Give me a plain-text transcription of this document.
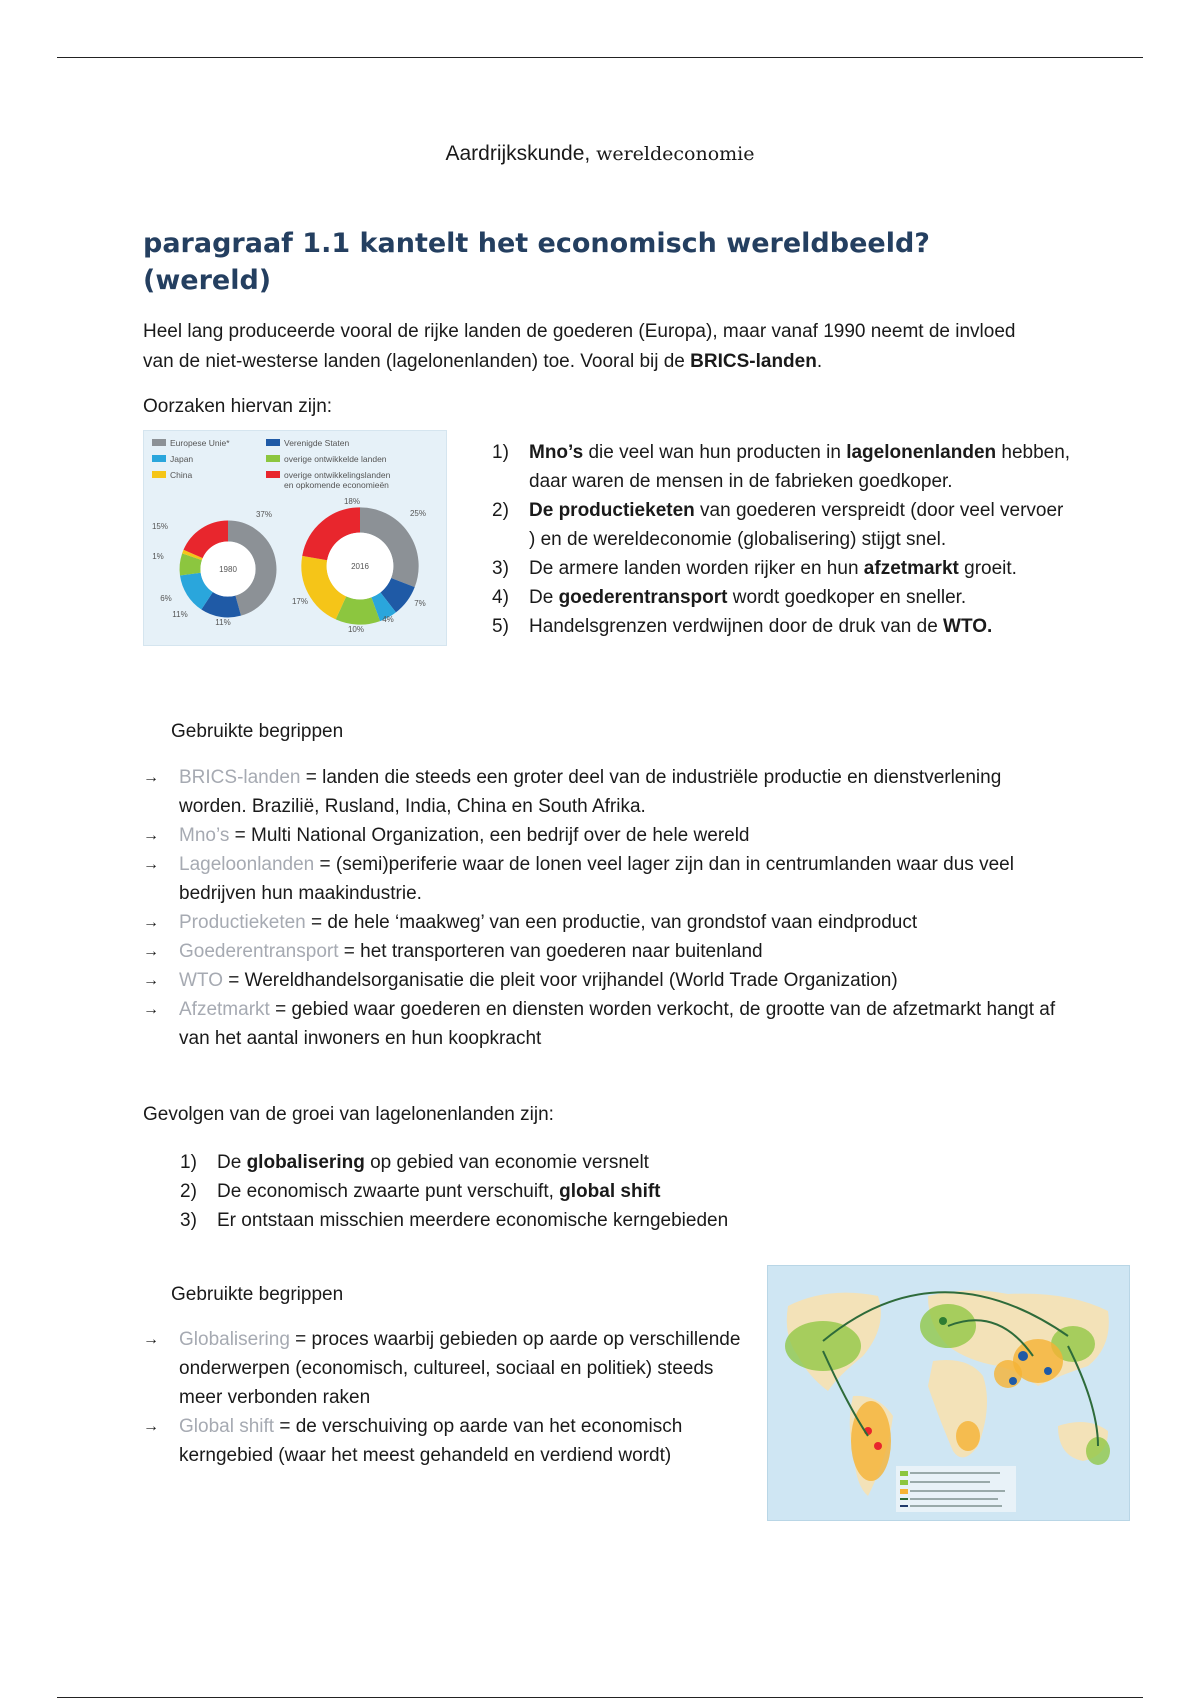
Aardrijkskunde, wereldeconomie
paragraaf 1.1 kantelt het economisch wereldbeeld? (wereld)
Heel lang produceerde vooral de rijke landen de goederen (Europa), maar vanaf 1990 neemt de invloed van de niet-westerse landen (lagelonenlanden) toe. Vooral bij de BRICS-landen.
Oorzaken hiervan zijn:
Europese Unie*	Verenigde Staten
Japan	overige ontwikkelde landen
China	overige ontwikkelingslanden en opkomende economieën
1980
37%
11%
11%
6%
1%
15%
2016
25%
7%
4%
10%
17%
18%
1) Mno’s die veel wan hun producten in lagelonenlanden hebben, daar waren de mensen in de fabrieken goedkoper.
2) De productieketen van goederen verspreidt (door veel vervoer ) en de wereldeconomie (globalisering) stijgt snel.
3) De armere landen worden rijker en hun afzetmarkt groeit.
4) De goederentransport wordt goedkoper en sneller.
5) Handelsgrenzen verdwijnen door de druk van de WTO.
Gebruikte begrippen
→ BRICS-landen = landen die steeds een groter deel van de industriële productie en dienstverlening worden. Brazilië, Rusland, India, China en South Afrika.
→ Mno’s = Multi National Organization, een bedrijf over de hele wereld
→ Lageloonlanden = (semi)periferie waar de lonen veel lager zijn dan in centrumlanden waar dus veel bedrijven hun maakindustrie.
→ Productieketen = de hele ‘maakweg’ van een productie, van grondstof vaan eindproduct
→ Goederentransport = het transporteren van goederen naar buitenland
→ WTO = Wereldhandelsorganisatie die pleit voor vrijhandel (World Trade Organization)
→ Afzetmarkt = gebied waar goederen en diensten worden verkocht, de grootte van de afzetmarkt hangt af van het aantal inwoners en hun koopkracht
Gevolgen van de groei van lagelonenlanden zijn:
1) De globalisering op gebied van economie versnelt
2) De economisch zwaarte punt verschuift, global shift
3) Er ontstaan misschien meerdere economische kerngebieden
Gebruikte begrippen
→ Globalisering = proces waarbij gebieden op aarde op verschillende onderwerpen (economisch, cultureel, sociaal en politiek) steeds meer verbonden raken
→ Global shift = de verschuiving op aarde van het economisch kerngebied (waar het meest gehandeld en verdiend wordt)
